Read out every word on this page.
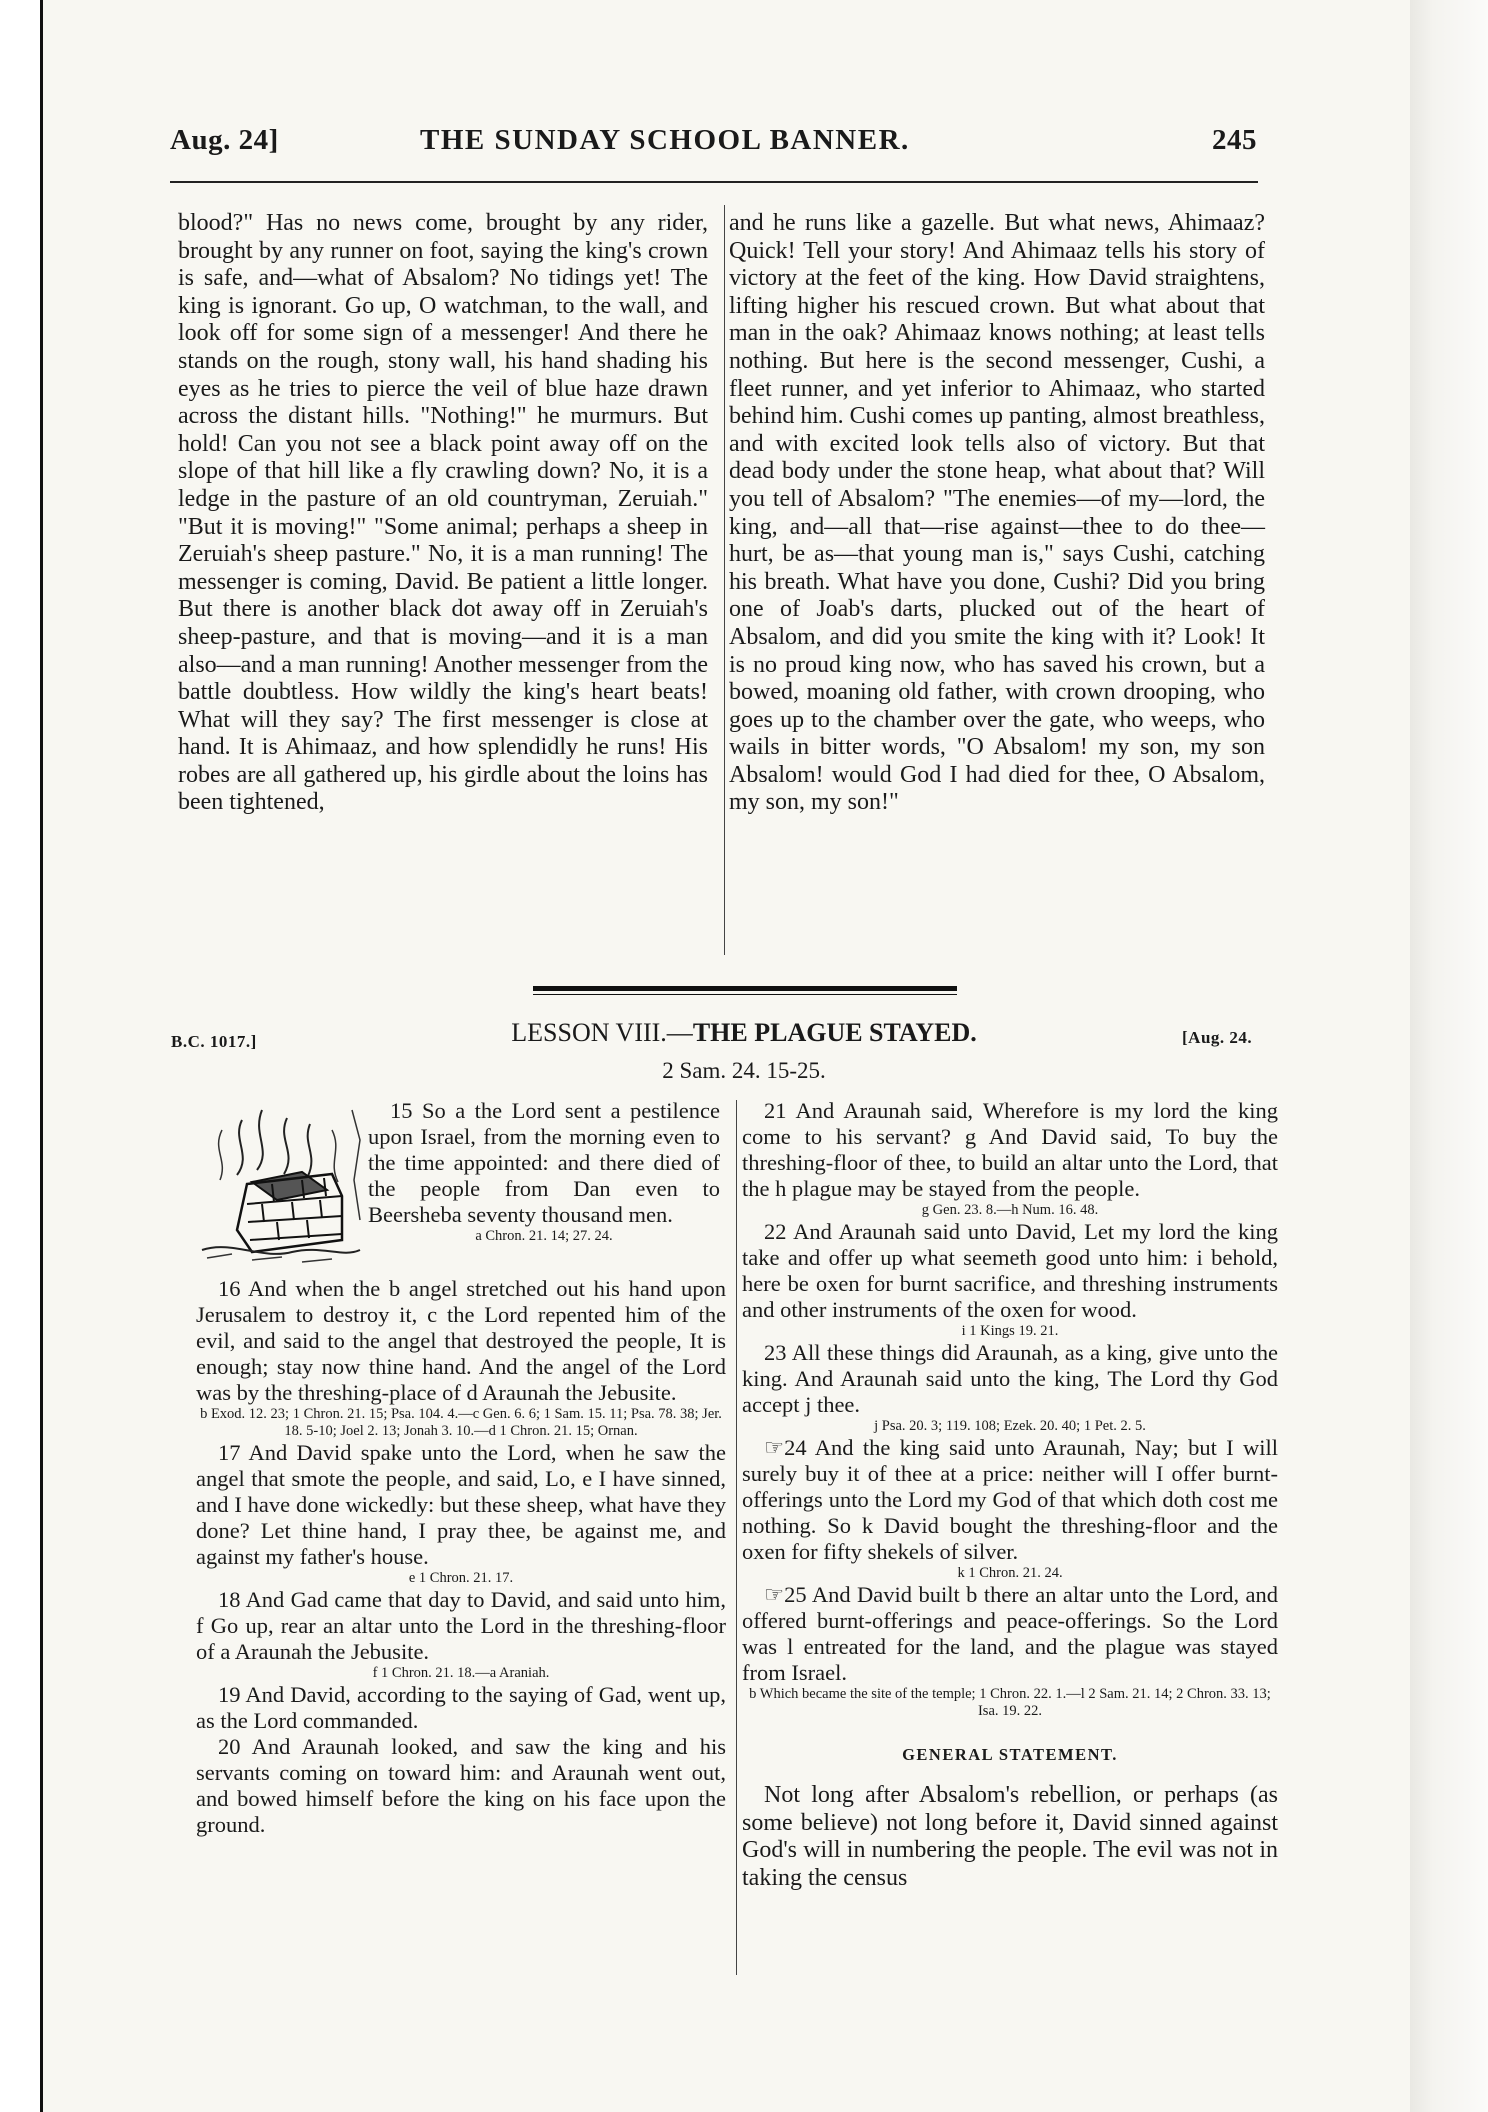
Aug. 24]	THE SUNDAY SCHOOL BANNER.	245

blood?" Has no news come, brought by any rider, brought by any runner on foot, saying the king's crown is safe, and—what of Absalom? No tidings yet! The king is ignorant. Go up, O watchman, to the wall, and look off for some sign of a messenger! And there he stands on the rough, stony wall, his hand shading his eyes as he tries to pierce the veil of blue haze drawn across the distant hills. "Nothing!" he murmurs. But hold! Can you not see a black point away off on the slope of that hill like a fly crawling down? No, it is a ledge in the pasture of an old countryman, Zeruiah." "But it is moving!" "Some animal; perhaps a sheep in Zeruiah's sheep pasture." No, it is a man running! The messenger is coming, David. Be patient a little longer. But there is another black dot away off in Zeruiah's sheep-pasture, and that is moving—and it is a man also—and a man running! Another messenger from the battle doubtless. How wildly the king's heart beats! What will they say? The first messenger is close at hand. It is Ahimaaz, and how splendidly he runs! His robes are all gathered up, his girdle about the loins has been tightened,

and he runs like a gazelle. But what news, Ahimaaz? Quick! Tell your story! And Ahimaaz tells his story of victory at the feet of the king. How David straightens, lifting higher his rescued crown. But what about that man in the oak? Ahimaaz knows nothing; at least tells nothing. But here is the second messenger, Cushi, a fleet runner, and yet inferior to Ahimaaz, who started behind him. Cushi comes up panting, almost breathless, and with excited look tells also of victory. But that dead body under the stone heap, what about that? Will you tell of Absalom? "The enemies—of my—lord, the king, and—all that—rise against—thee to do thee—hurt, be as—that young man is," says Cushi, catching his breath. What have you done, Cushi? Did you bring one of Joab's darts, plucked out of the heart of Absalom, and did you smite the king with it? Look! It is no proud king now, who has saved his crown, but a bowed, moaning old father, with crown drooping, who goes up to the chamber over the gate, who weeps, who wails in bitter words, "O Absalom! my son, my son Absalom! would God I had died for thee, O Absalom, my son, my son!"

B.C. 1017.]	[Aug. 24.
LESSON VIII.—THE PLAGUE STAYED.
2 Sam. 24. 15-25.

15 So a the Lord sent a pestilence upon Israel, from the morning even to the time appointed: and there died of the people from Dan even to Beersheba seventy thousand men.

a Chron. 21. 14; 27. 24.

16 And when the b angel stretched out his hand upon Jerusalem to destroy it, c the Lord repented him of the evil, and said to the angel that destroyed the people, It is enough; stay now thine hand. And the angel of the Lord was by the threshing-place of d Araunah the Jebusite.

b Exod. 12. 23; 1 Chron. 21. 15; Psa. 104. 4.—c Gen. 6. 6; 1 Sam. 15. 11; Psa. 78. 38; Jer. 18. 5-10; Joel 2. 13; Jonah 3. 10.—d 1 Chron. 21. 15; Ornan.

17 And David spake unto the Lord, when he saw the angel that smote the people, and said, Lo, e I have sinned, and I have done wickedly: but these sheep, what have they done? Let thine hand, I pray thee, be against me, and against my father's house.

e 1 Chron. 21. 17.

18 And Gad came that day to David, and said unto him, f Go up, rear an altar unto the Lord in the threshing-floor of a Araunah the Jebusite.

f 1 Chron. 21. 18.—a Araniah.

19 And David, according to the saying of Gad, went up, as the Lord commanded.

20 And Araunah looked, and saw the king and his servants coming on toward him: and Araunah went out, and bowed himself before the king on his face upon the ground.

21 And Araunah said, Wherefore is my lord the king come to his servant? g And David said, To buy the threshing-floor of thee, to build an altar unto the Lord, that the h plague may be stayed from the people.

g Gen. 23. 8.—h Num. 16. 48.

22 And Araunah said unto David, Let my lord the king take and offer up what seemeth good unto him: i behold, here be oxen for burnt sacrifice, and threshing instruments and other instruments of the oxen for wood.

i 1 Kings 19. 21.

23 All these things did Araunah, as a king, give unto the king. And Araunah said unto the king, The Lord thy God accept j thee.

j Psa. 20. 3; 119. 108; Ezek. 20. 40; 1 Pet. 2. 5.

☞24 And the king said unto Araunah, Nay; but I will surely buy it of thee at a price: neither will I offer burnt-offerings unto the Lord my God of that which doth cost me nothing. So k David bought the threshing-floor and the oxen for fifty shekels of silver.

k 1 Chron. 21. 24.

☞25 And David built b there an altar unto the Lord, and offered burnt-offerings and peace-offerings. So the Lord was l entreated for the land, and the plague was stayed from Israel.

b Which became the site of the temple; 1 Chron. 22. 1.—l 2 Sam. 21. 14; 2 Chron. 33. 13; Isa. 19. 22.

GENERAL STATEMENT.

Not long after Absalom's rebellion, or perhaps (as some believe) not long before it, David sinned against God's will in numbering the people. The evil was not in taking the census
